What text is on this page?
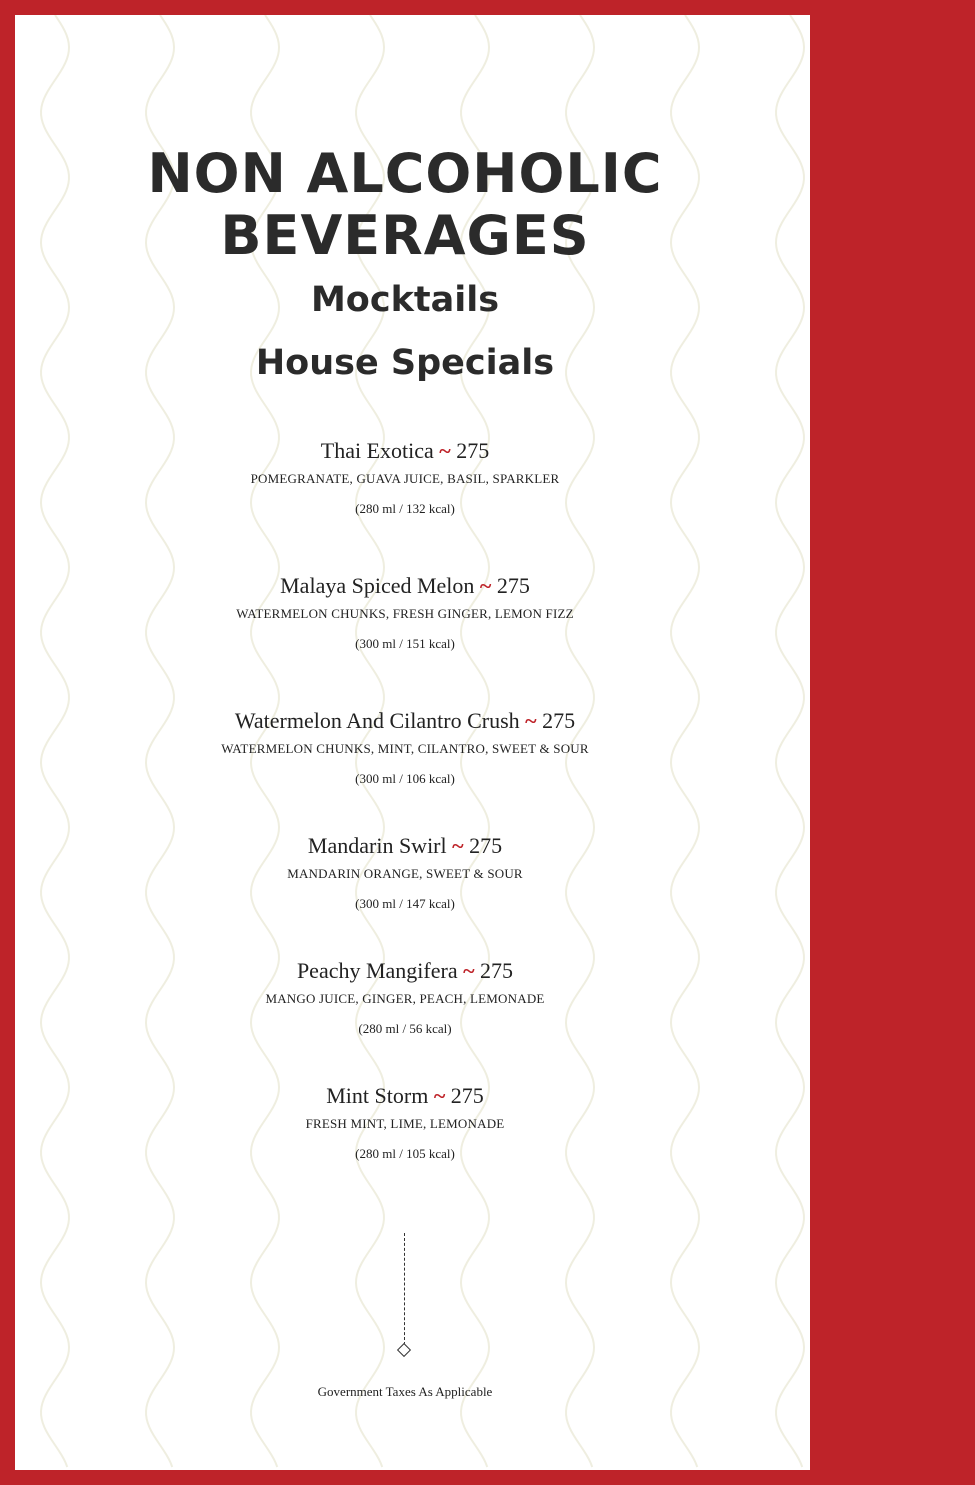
NON ALCOHOLIC
BEVERAGES
Mocktails
House Specials
Thai Exotica ~ 275
POMEGRANATE, GUAVA JUICE, BASIL, SPARKLER
(280 ml / 132 kcal)
Malaya Spiced Melon ~ 275
WATERMELON CHUNKS, FRESH GINGER, LEMON FIZZ
(300 ml / 151 kcal)
Watermelon And Cilantro Crush ~ 275
WATERMELON CHUNKS, MINT, CILANTRO, SWEET & SOUR
(300 ml / 106 kcal)
Mandarin Swirl ~ 275
MANDARIN ORANGE, SWEET & SOUR
(300 ml / 147 kcal)
Peachy Mangifera ~ 275
MANGO JUICE, GINGER, PEACH, LEMONADE
(280 ml / 56 kcal)
Mint Storm ~ 275
FRESH MINT, LIME, LEMONADE
(280 ml / 105 kcal)
Government Taxes As Applicable
